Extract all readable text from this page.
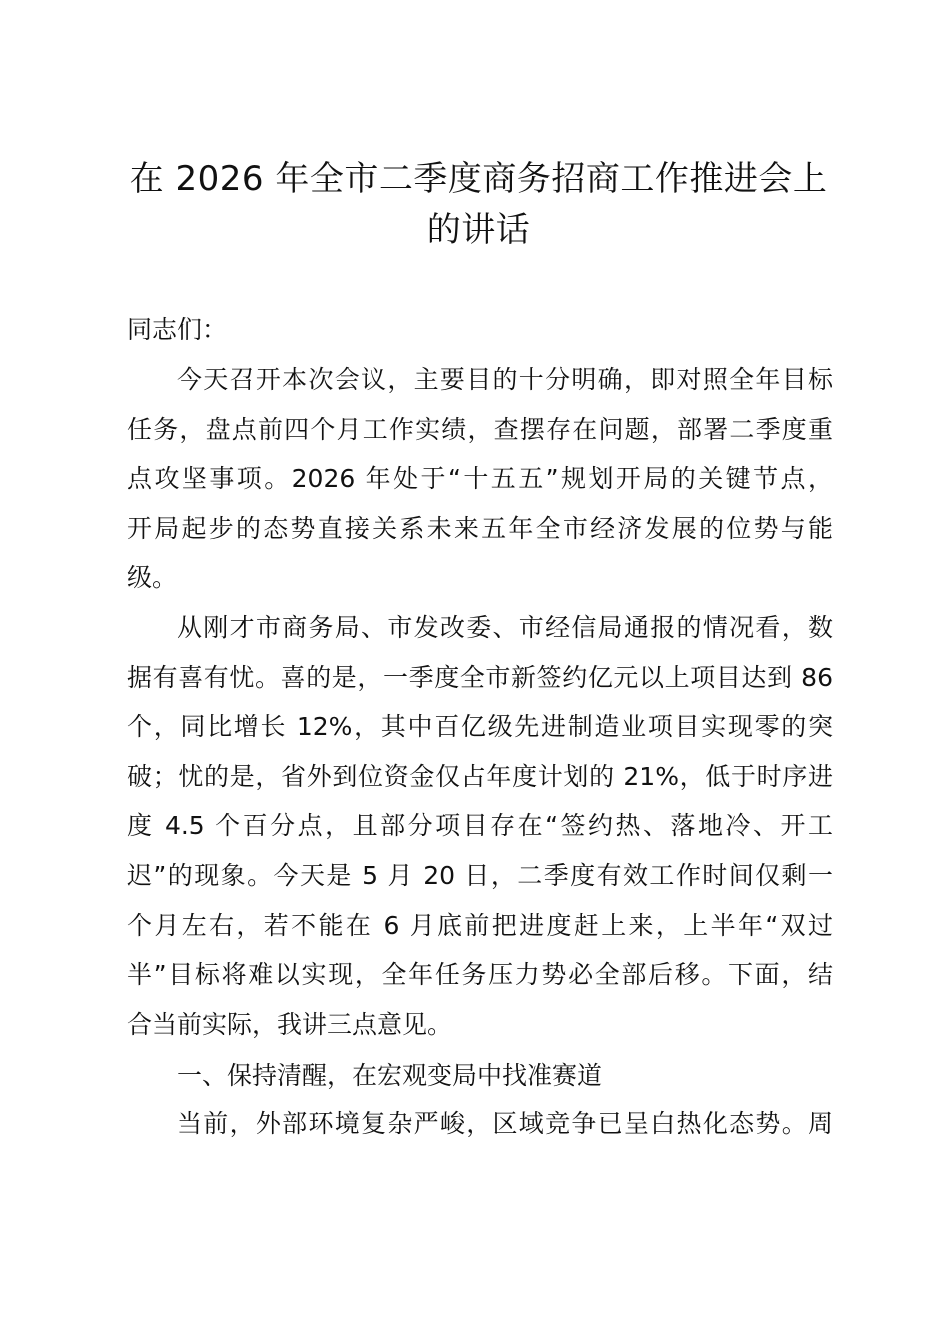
在 2026 年全市二季度商务招商工作推进会上
的讲话
同志们：
今天召开本次会议，主要目的十分明确，即对照全年目标
任务，盘点前四个月工作实绩，查摆存在问题，部署二季度重
点攻坚事项。2026 年处于“十五五”规划开局的关键节点，
开局起步的态势直接关系未来五年全市经济发展的位势与能
级。
从刚才市商务局、市发改委、市经信局通报的情况看，数
据有喜有忧。喜的是，一季度全市新签约亿元以上项目达到 86
个，同比增长 12%，其中百亿级先进制造业项目实现零的突
破；忧的是，省外到位资金仅占年度计划的 21%，低于时序进
度 4.5 个百分点，且部分项目存在“签约热、落地冷、开工
迟”的现象。今天是 5 月 20 日，二季度有效工作时间仅剩一
个月左右，若不能在 6 月底前把进度赶上来，上半年“双过
半”目标将难以实现，全年任务压力势必全部后移。下面，结
合当前实际，我讲三点意见。
一、保持清醒，在宏观变局中找准赛道
当前，外部环境复杂严峻，区域竞争已呈白热化态势。周
